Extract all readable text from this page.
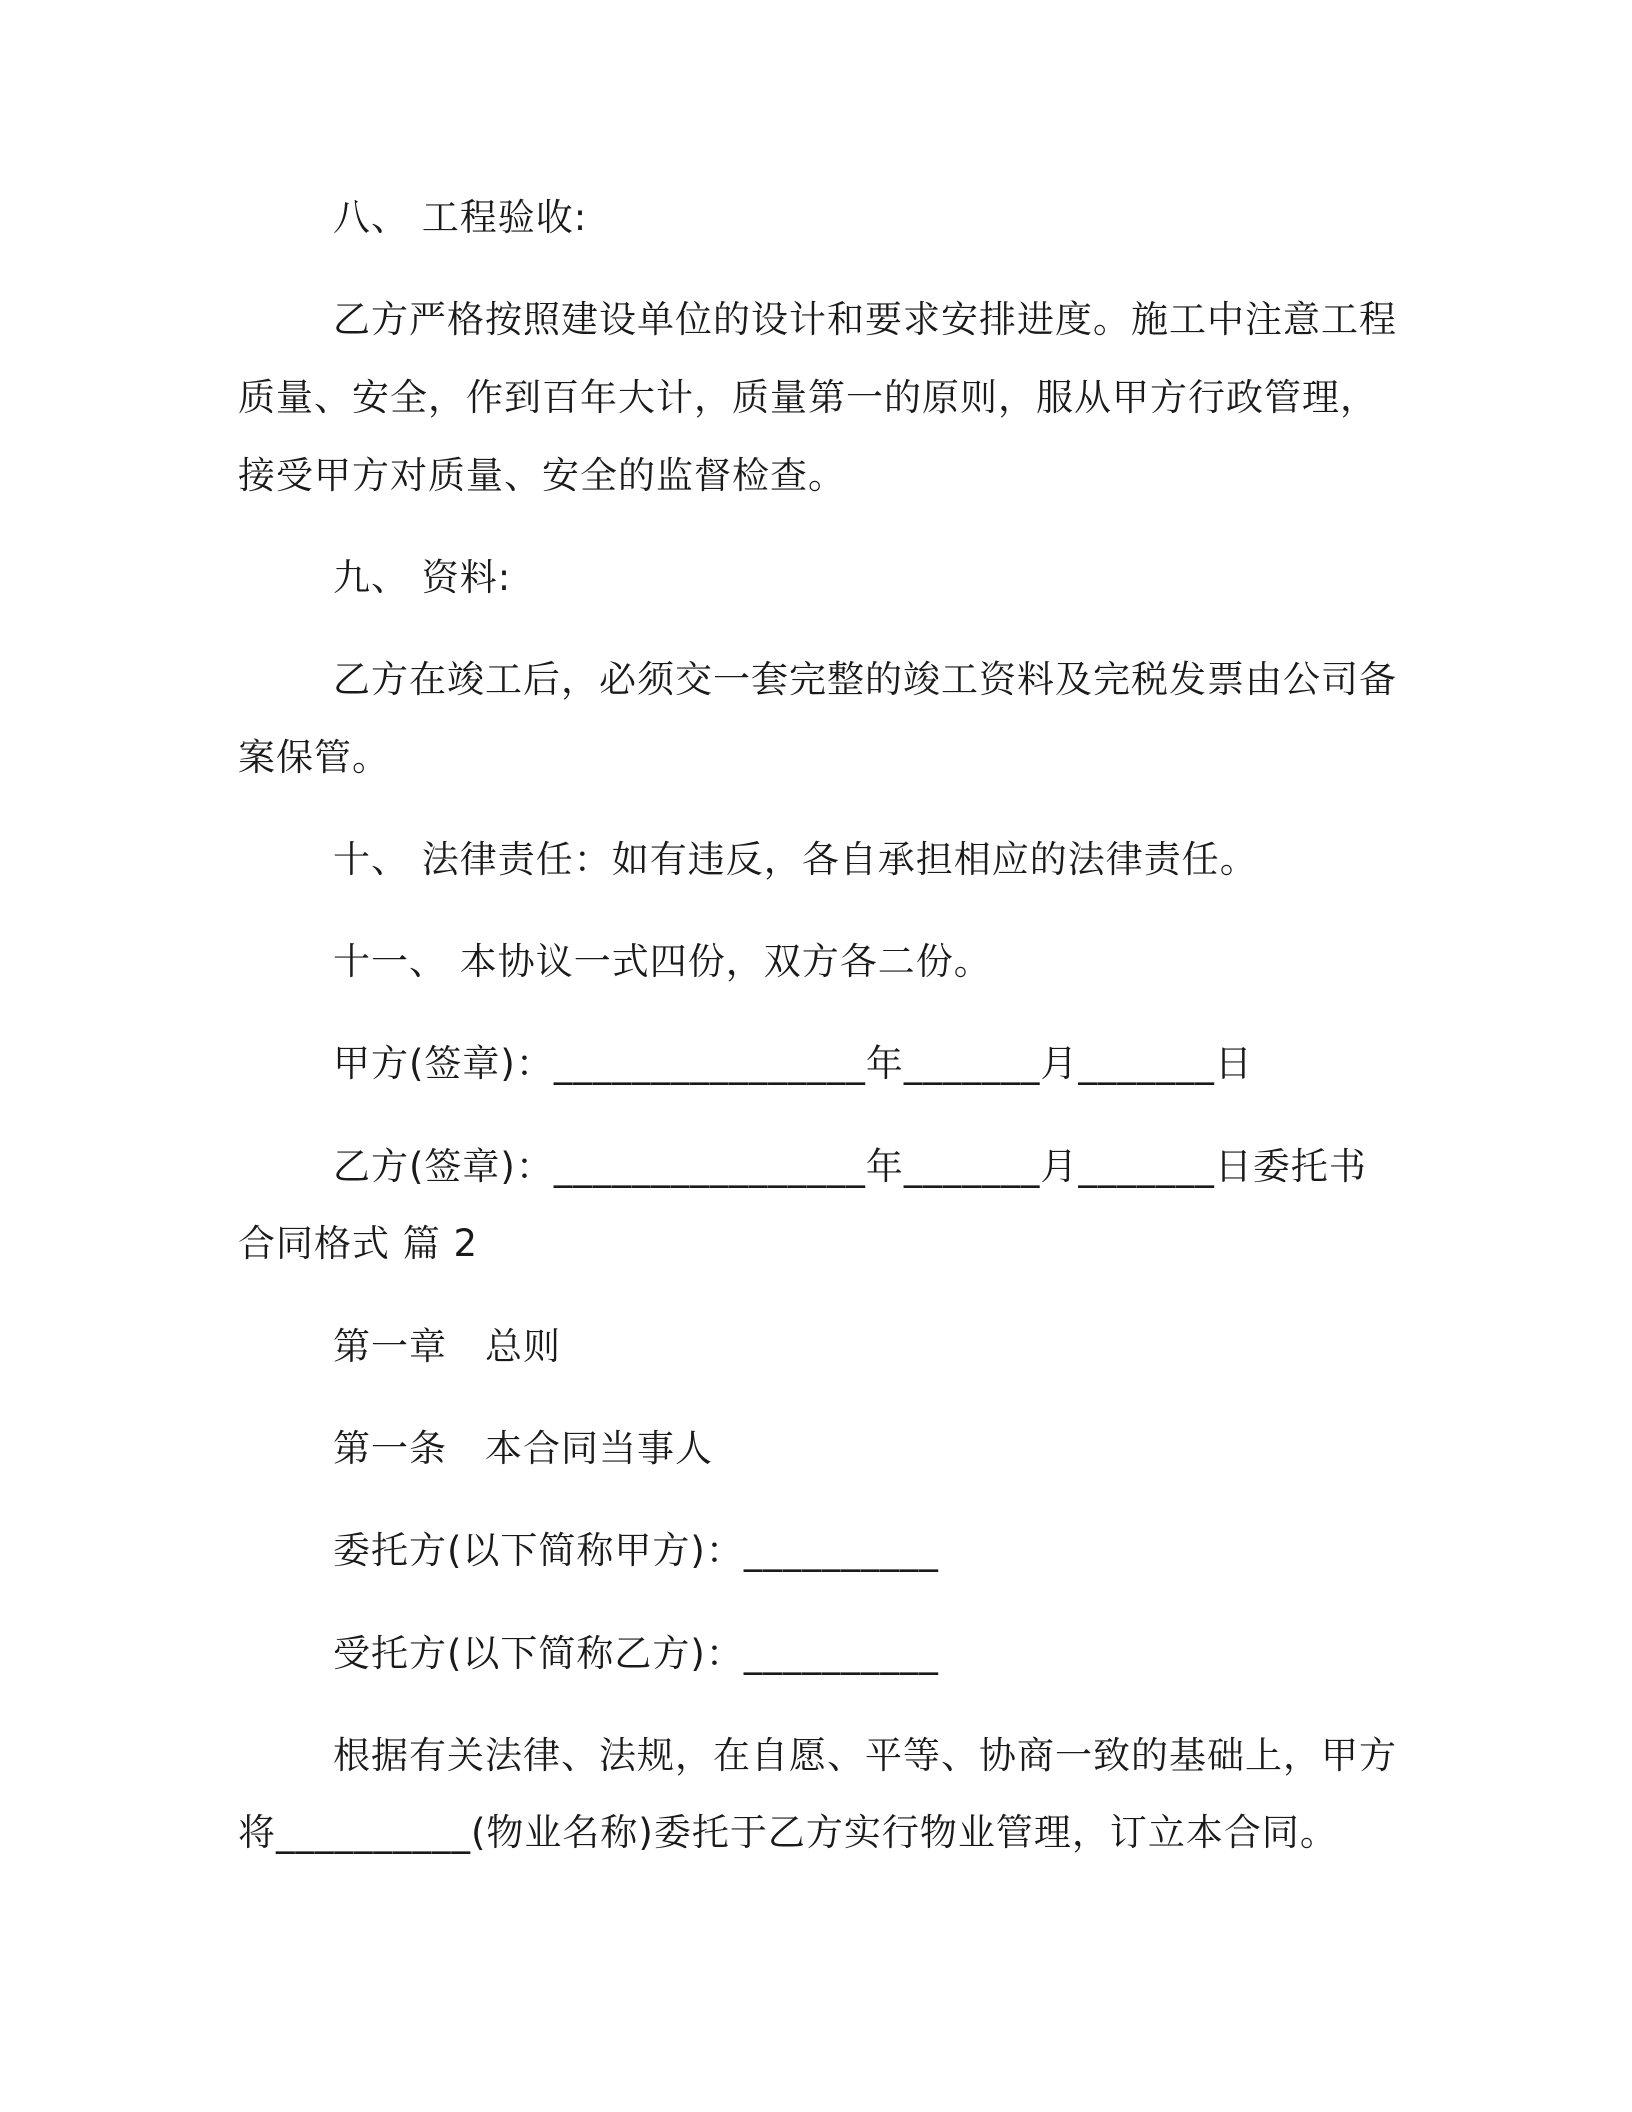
八、 工程验收:
乙方严格按照建设单位的设计和要求安排进度。施工中注意工程
质量、安全，作到百年大计，质量第一的原则，服从甲方行政管理，
接受甲方对质量、安全的监督检查。
九、 资料:
乙方在竣工后，必须交一套完整的竣工资料及完税发票由公司备
案保管。
十、 法律责任：如有违反，各自承担相应的法律责任。
十一、 本协议一式四份，双方各二份。
甲方(签章)：________________年_______月_______日
乙方(签章)：________________年_______月_______日委托书
合同格式 篇 2
第一章　总则
第一条　本合同当事人
委托方(以下简称甲方)：__________
受托方(以下简称乙方)：__________
根据有关法律、法规，在自愿、平等、协商一致的基础上，甲方
将__________(物业名称)委托于乙方实行物业管理，订立本合同。
